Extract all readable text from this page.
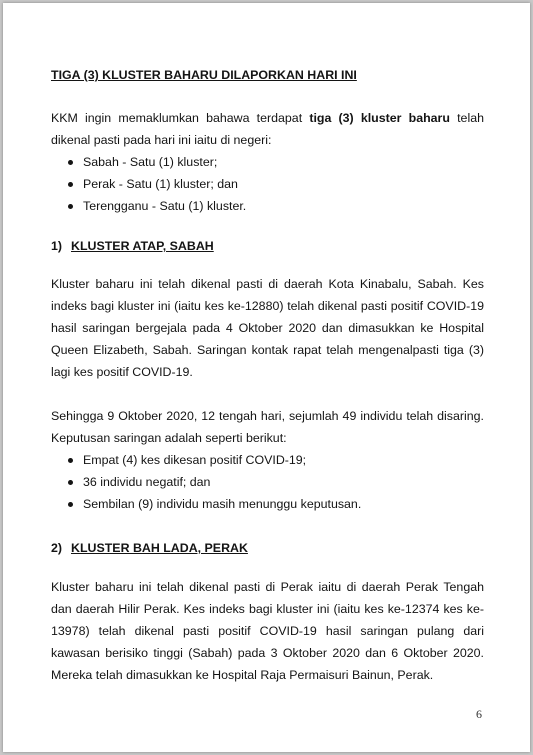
TIGA (3) KLUSTER BAHARU DILAPORKAN HARI INI

KKM ingin memaklumkan bahawa terdapat tiga (3) kluster baharu telah dikenal pasti pada hari ini iaitu di negeri:

Sabah - Satu (1) kluster;
Perak - Satu (1) kluster; dan
Terengganu - Satu (1) kluster.
1) KLUSTER ATAP, SABAH

Kluster baharu ini telah dikenal pasti di daerah Kota Kinabalu, Sabah. Kes indeks bagi kluster ini (iaitu kes ke-12880) telah dikenal pasti positif COVID-19 hasil saringan bergejala pada 4 Oktober 2020 dan dimasukkan ke Hospital Queen Elizabeth, Sabah. Saringan kontak rapat telah mengenalpasti tiga (3) lagi kes positif COVID-19.

Sehingga 9 Oktober 2020, 12 tengah hari, sejumlah 49 individu telah disaring. Keputusan saringan adalah seperti berikut:

Empat (4) kes dikesan positif COVID-19;
36 individu negatif; dan
Sembilan (9) individu masih menunggu keputusan.
2) KLUSTER BAH LADA, PERAK

Kluster baharu ini telah dikenal pasti di Perak iaitu di daerah Perak Tengah dan daerah Hilir Perak. Kes indeks bagi kluster ini (iaitu kes ke-12374 kes ke-13978) telah dikenal pasti positif COVID-19 hasil saringan pulang dari kawasan berisiko tinggi (Sabah) pada 3 Oktober 2020 dan 6 Oktober 2020. Mereka telah dimasukkan ke Hospital Raja Permaisuri Bainun, Perak.

6
